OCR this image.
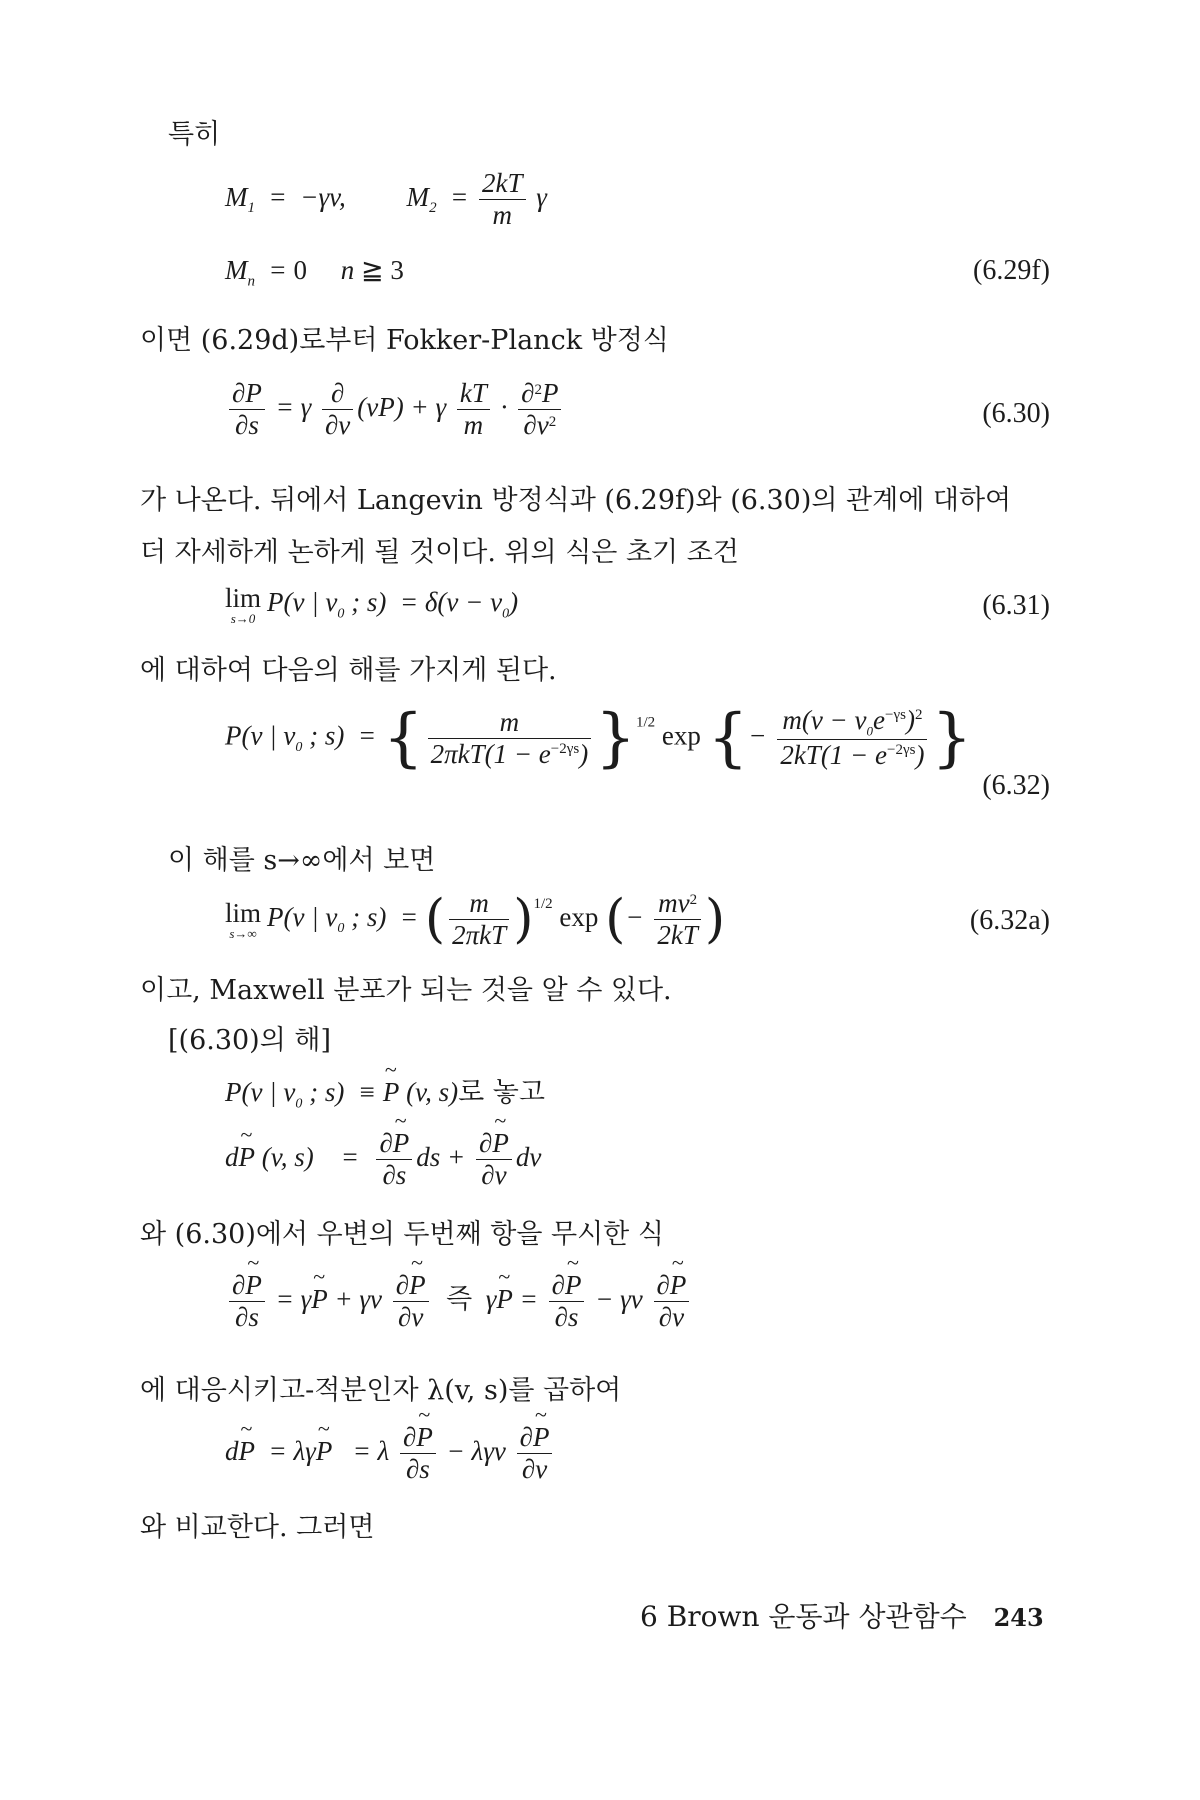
특히
$M_1 = -\gamma v$,         $M_2 = \frac{2kT}{m}$ γ
$M_n = 0$     n ≧ 3	(6.29f)
이면 (6.29d)로부터 Fokker-Planck 방정식
$\frac{\partial P}{\partial s} = \gamma \frac{\partial}{\partial v} (vP) + \gamma \frac{kT}{m} \cdot \frac{\partial^2P}{\partial v^2}$	(6.30)
가 나온다. 뒤에서 Langevin 방정식과 (6.29f)와 (6.30)의 관계에 대하여
더 자세하게 논하게 될 것이다. 위의 식은 초기 조건
lim
s→0
P(v | $v_0$ ; $s) = \delta(v - v_0)$	(6.31)
에 대하여 다음의 해를 가지게 된다.
P(v | $v_0$ ; s)  = { $\frac{m}{2\pi kT(1 - e^{-2\gamma s})} \}^{1/2}$ exp {− $\frac{m(v - v_0e^{-\gamma s})^2}{2kT(1 - e^{-2\gamma s})}$ }
(6.32)
이 해를 s→∞에서 보면
lim
s→∞
P(v | $v_0$ ; s)  = ( $\frac{m}{\text{2πkT}} )^{1/2}$ exp (− $\frac{mv^2}{2kT}$ )	(6.32a)
이고, Maxwell 분포가 되는 것을 알 수 있다.
[(6.30)의 해]
P(v | $v_0$ ; s)  ≡ ~ P (v, s)로 놓고
d~ P (v, s)    = $\frac{\partial\sim P}{\partial s}$ ds + $\frac{\partial\sim P}{\partial v}$ dv
와 (6.30)에서 우변의 두번째 항을 무시한 식
$\frac{\partial\sim P}{\partial s}$ = γ~ P + γv $\frac{\partial\sim P}{\partial v}$ 즉  γ~ $P = \frac{\partial\sim P}{\partial s} - \gamma v \frac{\partial\sim P}{\partial v}$
에 대응시키고-적분인자 λ(v, s)를 곱하여
d~ P  = λγ~ P   = λ $\frac{\partial\sim P}{\partial s} - \lambda\gamma v \frac{\partial\sim P}{\partial v}$
와 비교한다. 그러면
6 Brown 운동과 상관함수 243
